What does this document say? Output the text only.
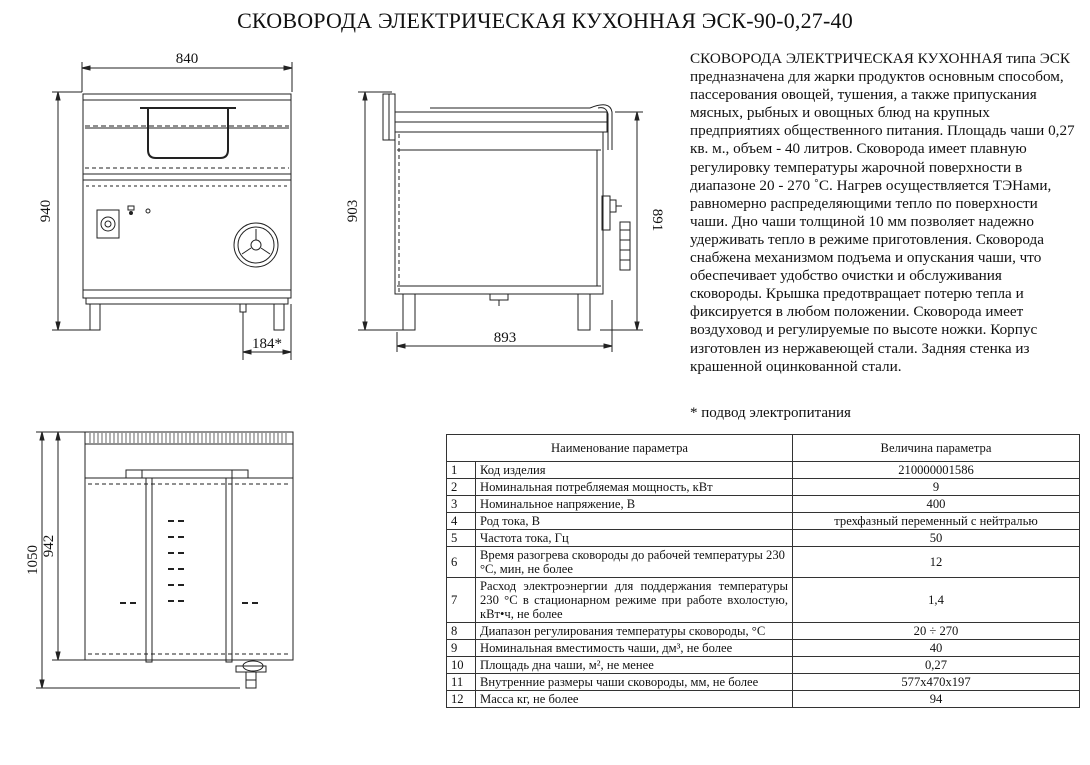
СКОВОРОДА ЭЛЕКТРИЧЕСКАЯ КУХОННАЯ ЭСК-90-0,27-40
840
940
184*
903	891
893
1050 942

СКОВОРОДА ЭЛЕКТРИЧЕСКАЯ КУХОННАЯ типа ЭСК предназначена для жарки продуктов основным способом, пассерования овощей, тушения, а также припускания мясных, рыбных и овощных блюд на крупных предприятиях общественного питания. Площадь чаши 0,27 кв. м., объем - 40 литров. Сковорода имеет плавную регулировку температуры жарочной поверхности в диапазоне 20 - 270 ˚С. Нагрев осуществляется ТЭНами, равномерно распределяющими тепло по поверхности чаши. Дно чаши толщиной 10 мм позволяет надежно удерживать тепло в режиме приготовления. Сковорода снабжена механизмом подъема и опускания чаши, что обеспечивает удобство очистки и обслуживания сковороды. Крышка предотвращает потерю тепла и фиксируется в любом положении. Сковорода имеет воздуховод и регулируемые по высоте ножки. Корпус изготовлен из нержавеющей стали. Задняя стенка из крашенной оцинкованной стали.

* подвод электропитания
Наименование параметра		Величина параметра
1	Код изделия	210000001586
2	Номинальная потребляемая мощность, кВт	9
3	Номинальное напряжение, В	400
4	Род тока, В	трехфазный переменный с нейтралью
5	Частота тока, Гц	50
6	Время разогрева сковороды до рабочей температуры 230 °С, мин, не более	12
7	Расход электроэнергии для поддержания температуры 230 °С в стационарном режиме при работе вхолостую, кВт•ч, не более	1,4
8	Диапазон регулирования температуры сковороды, °С	20 ÷ 270
9	Номинальная вместимость чаши, дм³, не более	40
10	Площадь дна чаши, м², не менее	0,27
11	Внутренние размеры чаши сковороды, мм, не более	577х470х197
12	Масса кг, не более	94
